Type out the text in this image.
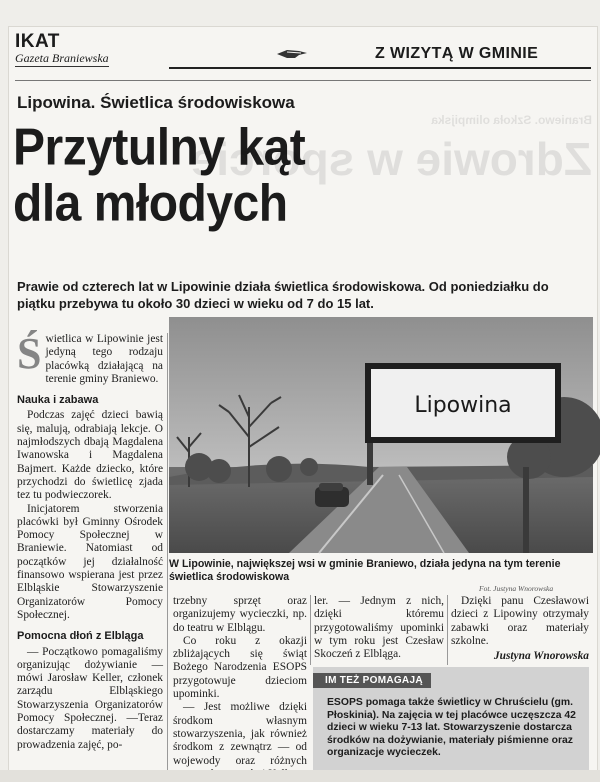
IKAT
Gazeta Braniewska	Z WIZYTĄ W GMINIE
Lipowina. Świetlica środowiskowa
Przytulny kąt
dla młodych
Braniewo. Szkoła olimpijska
Zdrowie w sporcie
Prawie od czterech lat w Lipowinie działa świetlica środowiskowa. Od poniedziałku do piątku przebywa tu około 30 dzieci w wieku od 7 do 15 lat.

Świetlica w Lipowinie jest jedyną tego rodzaju placówką działającą na terenie gminy Braniewo.

Nauka i zabawa

Podczas zajęć dzieci bawią się, malują, odrabiają lekcje. O najmłodszych dbają Magdalena Iwanowska i Magdalena Bajmert. Każde dziecko, które przychodzi do świetlicę zjada tez tu podwieczorek.

Inicjatorem stworzenia placówki był Gminny Ośrodek Pomocy Społecznej w Braniewie. Natomiast od początków jej działalność finansowo wspierana jest przez Elbląskie Stowarzyszenie Organizatorów Pomocy Społecznej.

Pomocna dłoń z Elbląga

— Początkowo pomagaliśmy organizując dożywianie — mówi Jarosław Keller, członek zarządu Elbląskiego Stowarzyszenia Organizatorów Pomocy Społecznej. —Teraz dostarczamy materiały do prowadzenia zajęć, po-

Lipowina
W Lipowinie, największej wsi w gminie Braniewo, działa jedyna na tym terenie świetlica środowiskowa
Fot. Justyna Wnorowska

trzebny sprzęt oraz organizujemy wycieczki, np. do teatru w Elblągu.

Co roku z okazji zbliżających się świąt Bożego Narodzenia ESOPS przygotowuje dzieciom upominki.

— Jest możliwe dzięki środkom własnym stowarzyszenia, jak również środkom z zewnątrz — od wojewody oraz różnych

ler. — Jednym z nich, dzięki któremu przygotowaliśmy upominki w tym roku jest Czesław Skoczeń z Elbląga.

Dzięki panu Czesławowi dzieci z Lipowiny otrzymały zabawki oraz materiały szkolne.

Justyna Wnorowska
IM TEŻ POMAGAJĄ
ESOPS pomaga także świetlicy w Chruścielu (gm. Płoskinia). Na zajęcia w tej placówce uczęszcza 42 dzieci w wieku 7-13 lat. Stowarzyszenie dostarcza środków na dożywianie, materiały piśmienne oraz organizacje wycieczek.
